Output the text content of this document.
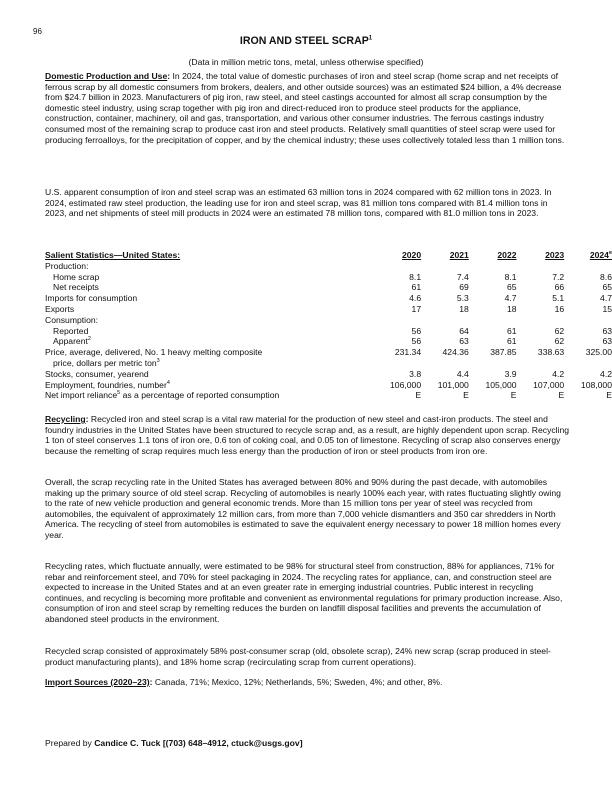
96
IRON AND STEEL SCRAP$^1$
(Data in million metric tons, metal, unless otherwise specified)
Domestic Production and Use: In 2024, the total value of domestic purchases of iron and steel scrap (home scrap and net receipts of ferrous scrap by all domestic consumers from brokers, dealers, and other outside sources) was an estimated $24 billion, a 4% decrease from $24.7 billion in 2023. Manufacturers of pig iron, raw steel, and steel castings accounted for almost all scrap consumption by the domestic steel industry, using scrap together with pig iron and direct-reduced iron to produce steel products for the appliance, construction, container, machinery, oil and gas, transportation, and various other consumer industries. The ferrous castings industry consumed most of the remaining scrap to produce cast iron and steel products. Relatively small quantities of steel scrap were used for producing ferroalloys, for the precipitation of copper, and by the chemical industry; these uses collectively totaled less than 1 million tons.
U.S. apparent consumption of iron and steel scrap was an estimated 63 million tons in 2024 compared with 62 million tons in 2023. In 2024, estimated raw steel production, the leading use for iron and steel scrap, was 81 million tons compared with 81.4 million tons in 2023, and net shipments of steel mill products in 2024 were an estimated 78 million tons, compared with 81.0 million tons in 2023.
Salient Statistics—United States:	2020	2021	2022	2023	2024e
Production:					
Home scrap	8.1	7.4	8.1	7.2	8.6
Net receipts	61	69	65	66	65
Imports for consumption	4.6	5.3	4.7	5.1	4.7
Exports	17	18	18	16	15
Consumption:					
Reported	56	64	61	62	63
Apparent$^2$	56	63	61	62	63
Price, average, delivered, No. 1 heavy melting composite	231.34	424.36	387.85	338.63	325.00
price, dollars per metric ton$^3$					
Stocks, consumer, yearend	3.8	4.4	3.9	4.2	4.2
Employment, foundries, number$^4$	106,000	101,000	105,000	107,000	108,000
Net import reliance$^5$ as a percentage of reported consumption	E	E	E	E	E
Recycling: Recycled iron and steel scrap is a vital raw material for the production of new steel and cast-iron products. The steel and foundry industries in the United States have been structured to recycle scrap and, as a result, are highly dependent upon scrap. Recycling 1 ton of steel conserves 1.1 tons of iron ore, 0.6 ton of coking coal, and 0.05 ton of limestone. Recycling of scrap also conserves energy because the remelting of scrap requires much less energy than the production of iron or steel products from iron ore.
Overall, the scrap recycling rate in the United States has averaged between 80% and 90% during the past decade, with automobiles making up the primary source of old steel scrap. Recycling of automobiles is nearly 100% each year, with rates fluctuating slightly owing to the rate of new vehicle production and general economic trends. More than 15 million tons per year of steel was recycled from automobiles, the equivalent of approximately 12 million cars, from more than 7,000 vehicle dismantlers and 350 car shredders in North America. The recycling of steel from automobiles is estimated to save the equivalent energy necessary to power 18 million homes every year.
Recycling rates, which fluctuate annually, were estimated to be 98% for structural steel from construction, 88% for appliances, 71% for rebar and reinforcement steel, and 70% for steel packaging in 2024. The recycling rates for appliance, can, and construction steel are expected to increase in the United States and at an even greater rate in emerging industrial countries. Public interest in recycling continues, and recycling is becoming more profitable and convenient as environmental regulations for primary production increase. Also, consumption of iron and steel scrap by remelting reduces the burden on landfill disposal facilities and prevents the accumulation of abandoned steel products in the environment.
Recycled scrap consisted of approximately 58% post-consumer scrap (old, obsolete scrap), 24% new scrap (scrap produced in steel-product manufacturing plants), and 18% home scrap (recirculating scrap from current operations).
Import Sources (2020–23): Canada, 71%; Mexico, 12%; Netherlands, 5%; Sweden, 4%; and other, 8%.
Prepared by Candice C. Tuck [(703) 648–4912, ctuck@usgs.gov]
